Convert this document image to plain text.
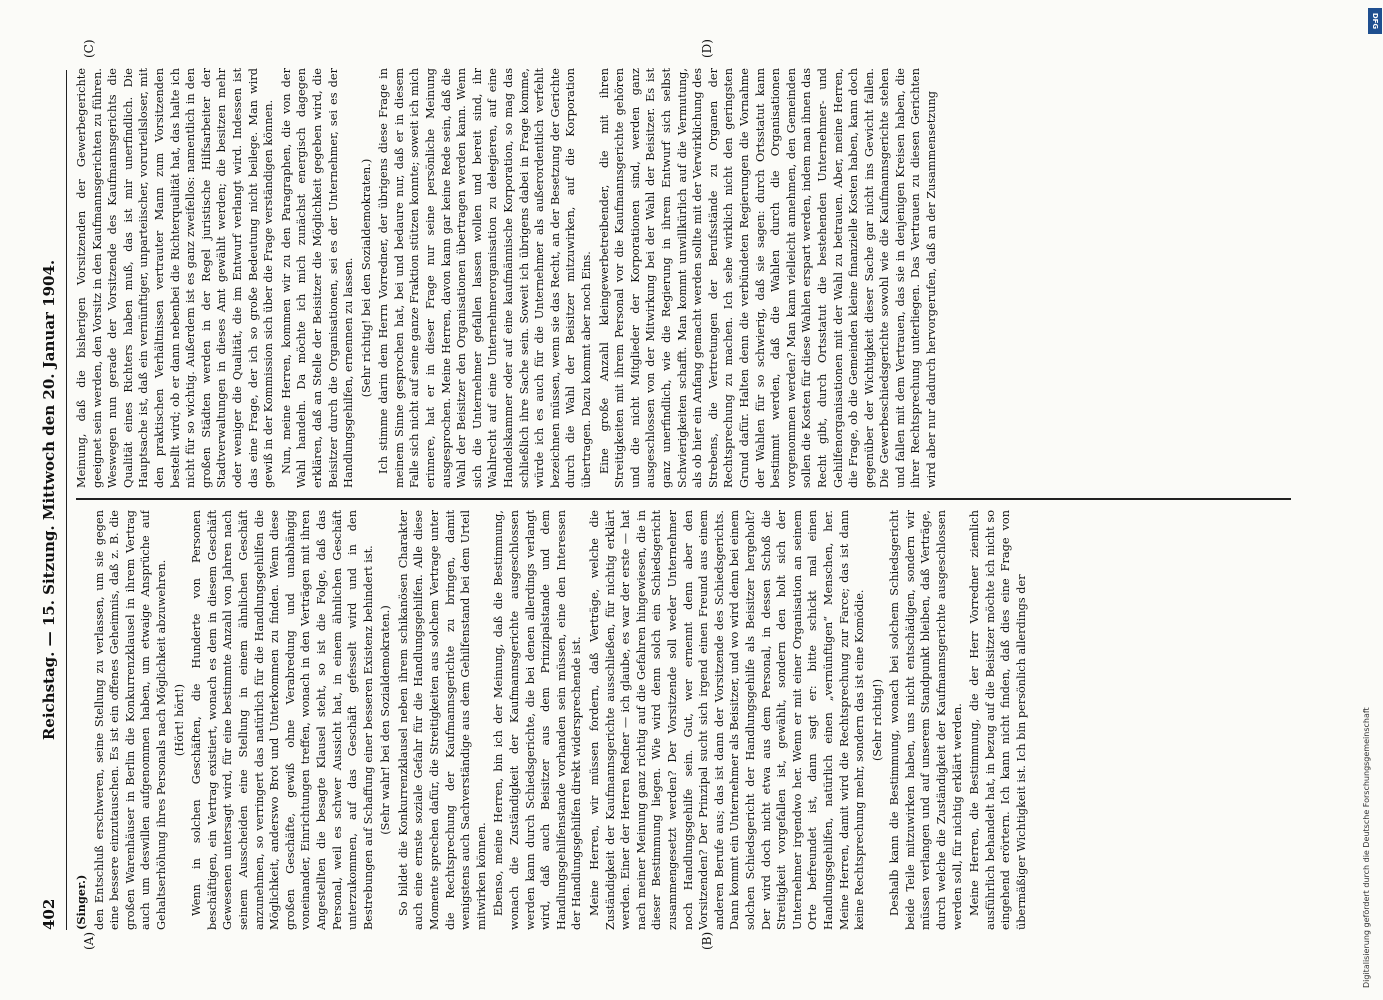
402
Reichstag. — 15. Sitzung. Mittwoch den 20. Januar 1904.
(A)	(B)
(C)	(D)

(Singer.) den Entschluß erschweren, seine Stellung zu verlassen, um sie gegen eine bessere einzutauschen. Es ist ein offenes Geheimnis, daß z. B. die großen Warenhäuser in Berlin die Konkurrenzklausel in ihrem Vertrag auch um deswillen aufgenommen haben, um etwaige Ansprüche auf Gehaltserhöhung ihres Personals nach Möglichkeit abzuwehren. (Hört! hört!) Wenn in solchen Geschäften, die Hunderte von Personen beschäftigen, ein Vertrag existiert, wonach es dem in diesem Geschäft Gewesenen untersagt wird, für eine bestimmte Anzahl von Jahren nach seinem Ausscheiden eine Stellung in einem ähnlichen Geschäft anzunehmen, so verringert das natürlich für die Handlungsgehilfen die Möglichkeit, anderswo Brot und Unterkommen zu finden. Wenn diese großen Geschäfte, gewiß ohne Verabredung und unabhängig voneinander, Einrichtungen treffen, wonach in den Verträgen mit ihren Angestellten die besagte Klausel steht, so ist die Folge, daß das Personal, weil es schwer Aussicht hat, in einem ähnlichen Geschäft unterzukommen, auf das Geschäft gefesselt wird und in den Bestrebungen auf Schaffung einer besseren Existenz behindert ist. (Sehr wahr! bei den Sozialdemokraten.) So bildet die Konkurrenzklausel neben ihrem schikanösen Charakter auch eine ernste soziale Gefahr für die Handlungsgehilfen. Alle diese Momente sprechen dafür, die Streitigkeiten aus solchem Vertrage unter die Rechtsprechung der Kaufmannsgerichte zu bringen, damit wenigstens auch Sachverständige aus dem Gehilfenstand bei dem Urteil mitwirken können. Ebenso, meine Herren, bin ich der Meinung, daß die Bestimmung, wonach die Zuständigkeit der Kaufmannsgerichte ausgeschlossen werden kann durch Schiedsgerichte, die bei denen allerdings verlangt wird, daß auch Beisitzer aus dem Prinzipalstande und dem Handlungsgehilfenstande vorhanden sein müssen, eine den Interessen der Handlungsgehilfen direkt widersprechende ist. Meine Herren, wir müssen fordern, daß Verträge, welche die Zuständigkeit der Kaufmannsgerichte ausschließen, für nichtig erklärt werden. Einer der Herren Redner — ich glaube, es war der erste — hat nach meiner Meinung ganz richtig auf die Gefahren hingewiesen, die in dieser Bestimmung liegen. Wie wird denn solch ein Schiedsgericht zusammengesetzt werden? Der Vorsitzende soll weder Unternehmer noch Handlungsgehilfe sein. Gut, wer ernennt denn aber den Vorsitzenden? Der Prinzipal sucht sich irgend einen Freund aus einem anderen Berufe aus; das ist dann der Vorsitzende des Schiedsgerichts. Dann kommt ein Unternehmer als Beisitzer, und wo wird denn bei einem solchen Schiedsgericht der Handlungsgehilfe als Beisitzer hergeholt? Der wird doch nicht etwa aus dem Personal, in dessen Schoß die Streitigkeit vorgefallen ist, gewählt, sondern den holt sich der Unternehmer irgendwo her. Wenn er mit einer Organisation an seinem Orte befreundet ist, dann sagt er: bitte schickt mal einen Handlungsgehilfen, natürlich einen „vernünftigen“ Menschen, her. Meine Herren, damit wird die Rechtsprechung zur Farce; das ist dann keine Rechtsprechung mehr, sondern das ist eine Komödie. (Sehr richtig!) Deshalb kann die Bestimmung, wonach bei solchem Schiedsgericht beide Teile mitzuwirken haben, uns nicht entschädigen, sondern wir müssen verlangen und auf unserem Standpunkt bleiben, daß Verträge, durch welche die Zuständigkeit der Kaufmannsgerichte ausgeschlossen werden soll, für nichtig erklärt werden. Meine Herren, die Bestimmung, die der Herr Vorredner ziemlich ausführlich behandelt hat, in bezug auf die Beisitzer möchte ich nicht so eingehend erörtern. Ich kann nicht finden, daß dies eine Frage von übermäßiger Wichtigkeit ist. Ich bin persönlich allerdings der

Meinung, daß die bisherigen Vorsitzenden der Gewerbegerichte geeignet sein werden, den Vorsitz in den Kaufmannsgerichten zu führen. Weswegen nun gerade der Vorsitzende des Kaufmannsgerichts die Qualität eines Richters haben muß, das ist mir unerfindlich. Die Hauptsache ist, daß ein vernünftiger, unparteiischer, vorurteilsloser, mit den praktischen Verhältnissen vertrauter Mann zum Vorsitzenden bestellt wird; ob er dann nebenbei die Richterqualität hat, das halte ich nicht für so wichtig. Außerdem ist es ganz zweifellos: namentlich in den großen Städten werden in der Regel juristische Hilfsarbeiter der Stadtverwaltungen in dieses Amt gewählt werden; die besitzen mehr oder weniger die Qualität, die im Entwurf verlangt wird. Indessen ist das eine Frage, der ich so große Bedeutung nicht beilege. Man wird gewiß in der Kommission sich über die Frage verständigen können. Nun, meine Herren, kommen wir zu den Paragraphen, die von der Wahl handeln. Da möchte ich mich zunächst energisch dagegen erklären, daß an Stelle der Beisitzer die Möglichkeit gegeben wird, die Beisitzer durch die Organisationen, sei es der Unternehmer, sei es der Handlungsgehilfen, ernennen zu lassen. (Sehr richtig! bei den Sozialdemokraten.) Ich stimme darin dem Herrn Vorredner, der übrigens diese Frage in meinem Sinne gesprochen hat, bei und bedaure nur, daß er in diesem Falle sich nicht auf seine ganze Fraktion stützen konnte; soweit ich mich erinnere, hat er in dieser Frage nur seine persönliche Meinung ausgesprochen. Meine Herren, davon kann gar keine Rede sein, daß die Wahl der Beisitzer den Organisationen übertragen werden kann. Wenn sich die Unternehmer gefallen lassen wollen und bereit sind, ihr Wahlrecht auf eine Unternehmerorganisation zu delegieren, auf eine Handelskammer oder auf eine kaufmännische Korporation, so mag das schließlich ihre Sache sein. Soweit ich übrigens dabei in Frage komme, würde ich es auch für die Unternehmer als außerordentlich verfehlt bezeichnen müssen, wenn sie das Recht, an der Besetzung der Gerichte durch die Wahl der Beisitzer mitzuwirken, auf die Korporation übertragen. Dazu kommt aber noch Eins. Eine große Anzahl kleingewerbetreibender, die mit ihren Streitigkeiten mit ihrem Personal vor die Kaufmannsgerichte gehören und die nicht Mitglieder der Korporationen sind, werden ganz ausgeschlossen von der Mitwirkung bei der Wahl der Beisitzer. Es ist ganz unerfindlich, wie die Regierung in ihrem Entwurf sich selbst Schwierigkeiten schafft. Man kommt unwillkürlich auf die Vermutung, als ob hier ein Anfang gemacht werden sollte mit der Verwirklichung des Strebens, die Vertretungen der Berufsstände zu Organen der Rechtsprechung zu machen. Ich sehe wirklich nicht den geringsten Grund dafür. Halten denn die verbündeten Regierungen die Vornahme der Wahlen für so schwierig, daß sie sagen: durch Ortsstatut kann bestimmt werden, daß die Wahlen durch die Organisationen vorgenommen werden? Man kann vielleicht annehmen, den Gemeinden sollen die Kosten für diese Wahlen erspart werden, indem man ihnen das Recht gibt, durch Ortsstatut die bestehenden Unternehmer- und Gehilfenorganisationen mit der Wahl zu betrauen. Aber, meine Herren, die Frage, ob die Gemeinden kleine finanzielle Kosten haben, kann doch gegenüber der Wichtigkeit dieser Sache gar nicht ins Gewicht fallen. Die Gewerbeschiedsgerichte sowohl wie die Kaufmannsgerichte stehen und fallen mit dem Vertrauen, das sie in denjenigen Kreisen haben, die ihrer Rechtsprechung unterliegen. Das Vertrauen zu diesen Gerichten wird aber nur dadurch hervorgerufen, daß an der Zusammensetzung

Digitalisierung gefördert durch die Deutsche Forschungsgemeinschaft
DFG
